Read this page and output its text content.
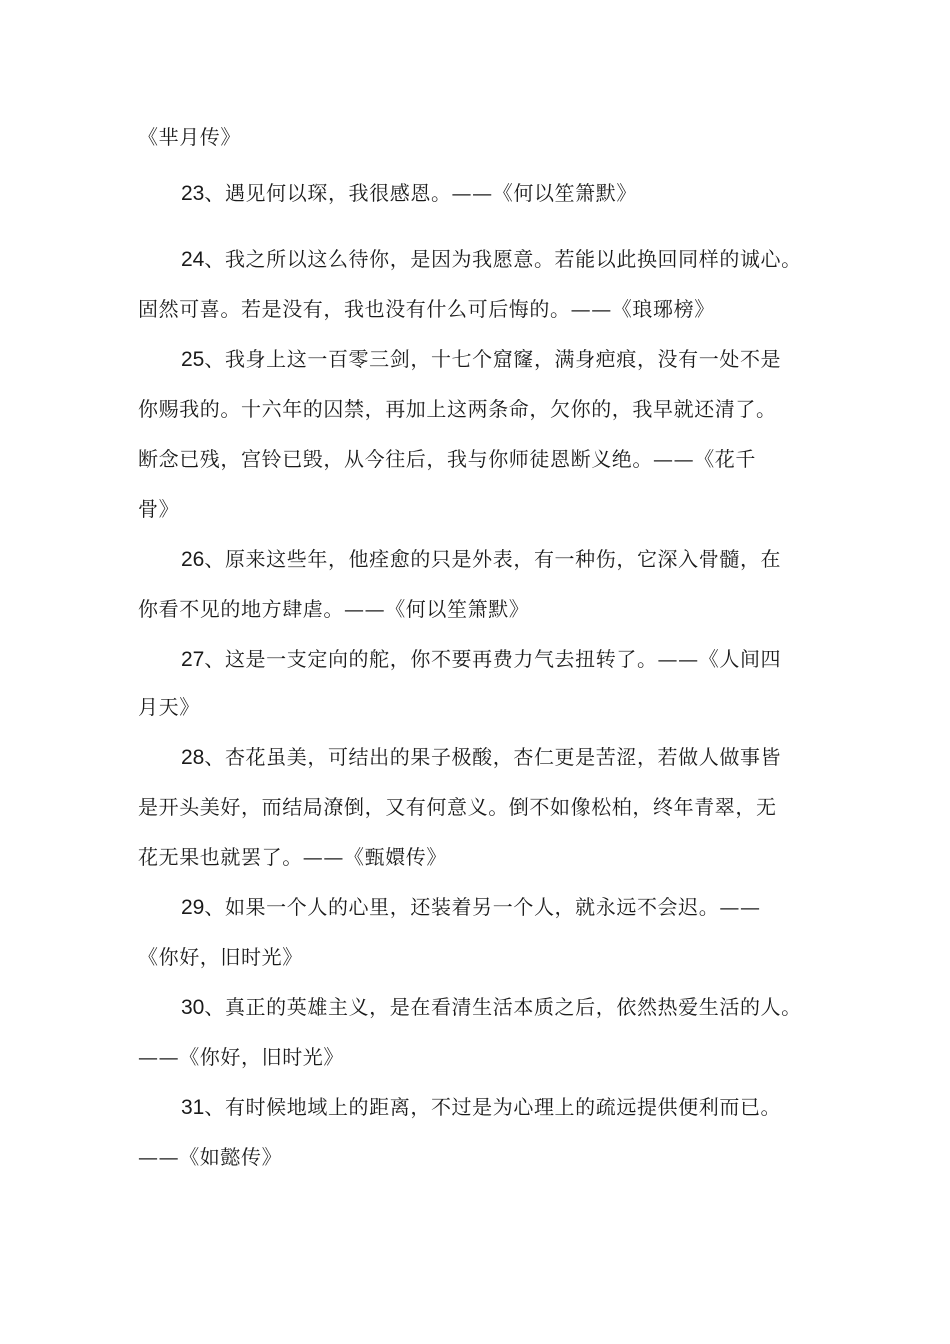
《芈月传》
23、遇见何以琛，我很感恩。——《何以笙箫默》
24、我之所以这么待你，是因为我愿意。若能以此换回同样的诚心。
固然可喜。若是没有，我也没有什么可后悔的。——《琅琊榜》
25、我身上这一百零三剑，十七个窟窿，满身疤痕，没有一处不是
你赐我的。十六年的囚禁，再加上这两条命，欠你的，我早就还清了。
断念已残，宫铃已毁，从今往后，我与你师徒恩断义绝。——《花千
骨》
26、原来这些年，他痊愈的只是外表，有一种伤，它深入骨髓，在
你看不见的地方肆虐。——《何以笙箫默》
27、这是一支定向的舵，你不要再费力气去扭转了。——《人间四
月天》
28、杏花虽美，可结出的果子极酸，杏仁更是苦涩，若做人做事皆
是开头美好，而结局潦倒，又有何意义。倒不如像松柏，终年青翠，无
花无果也就罢了。——《甄嬛传》
29、如果一个人的心里，还装着另一个人，就永远不会迟。——
《你好，旧时光》
30、真正的英雄主义，是在看清生活本质之后，依然热爱生活的人。
——《你好，旧时光》
31、有时候地域上的距离，不过是为心理上的疏远提供便利而已。
——《如懿传》
